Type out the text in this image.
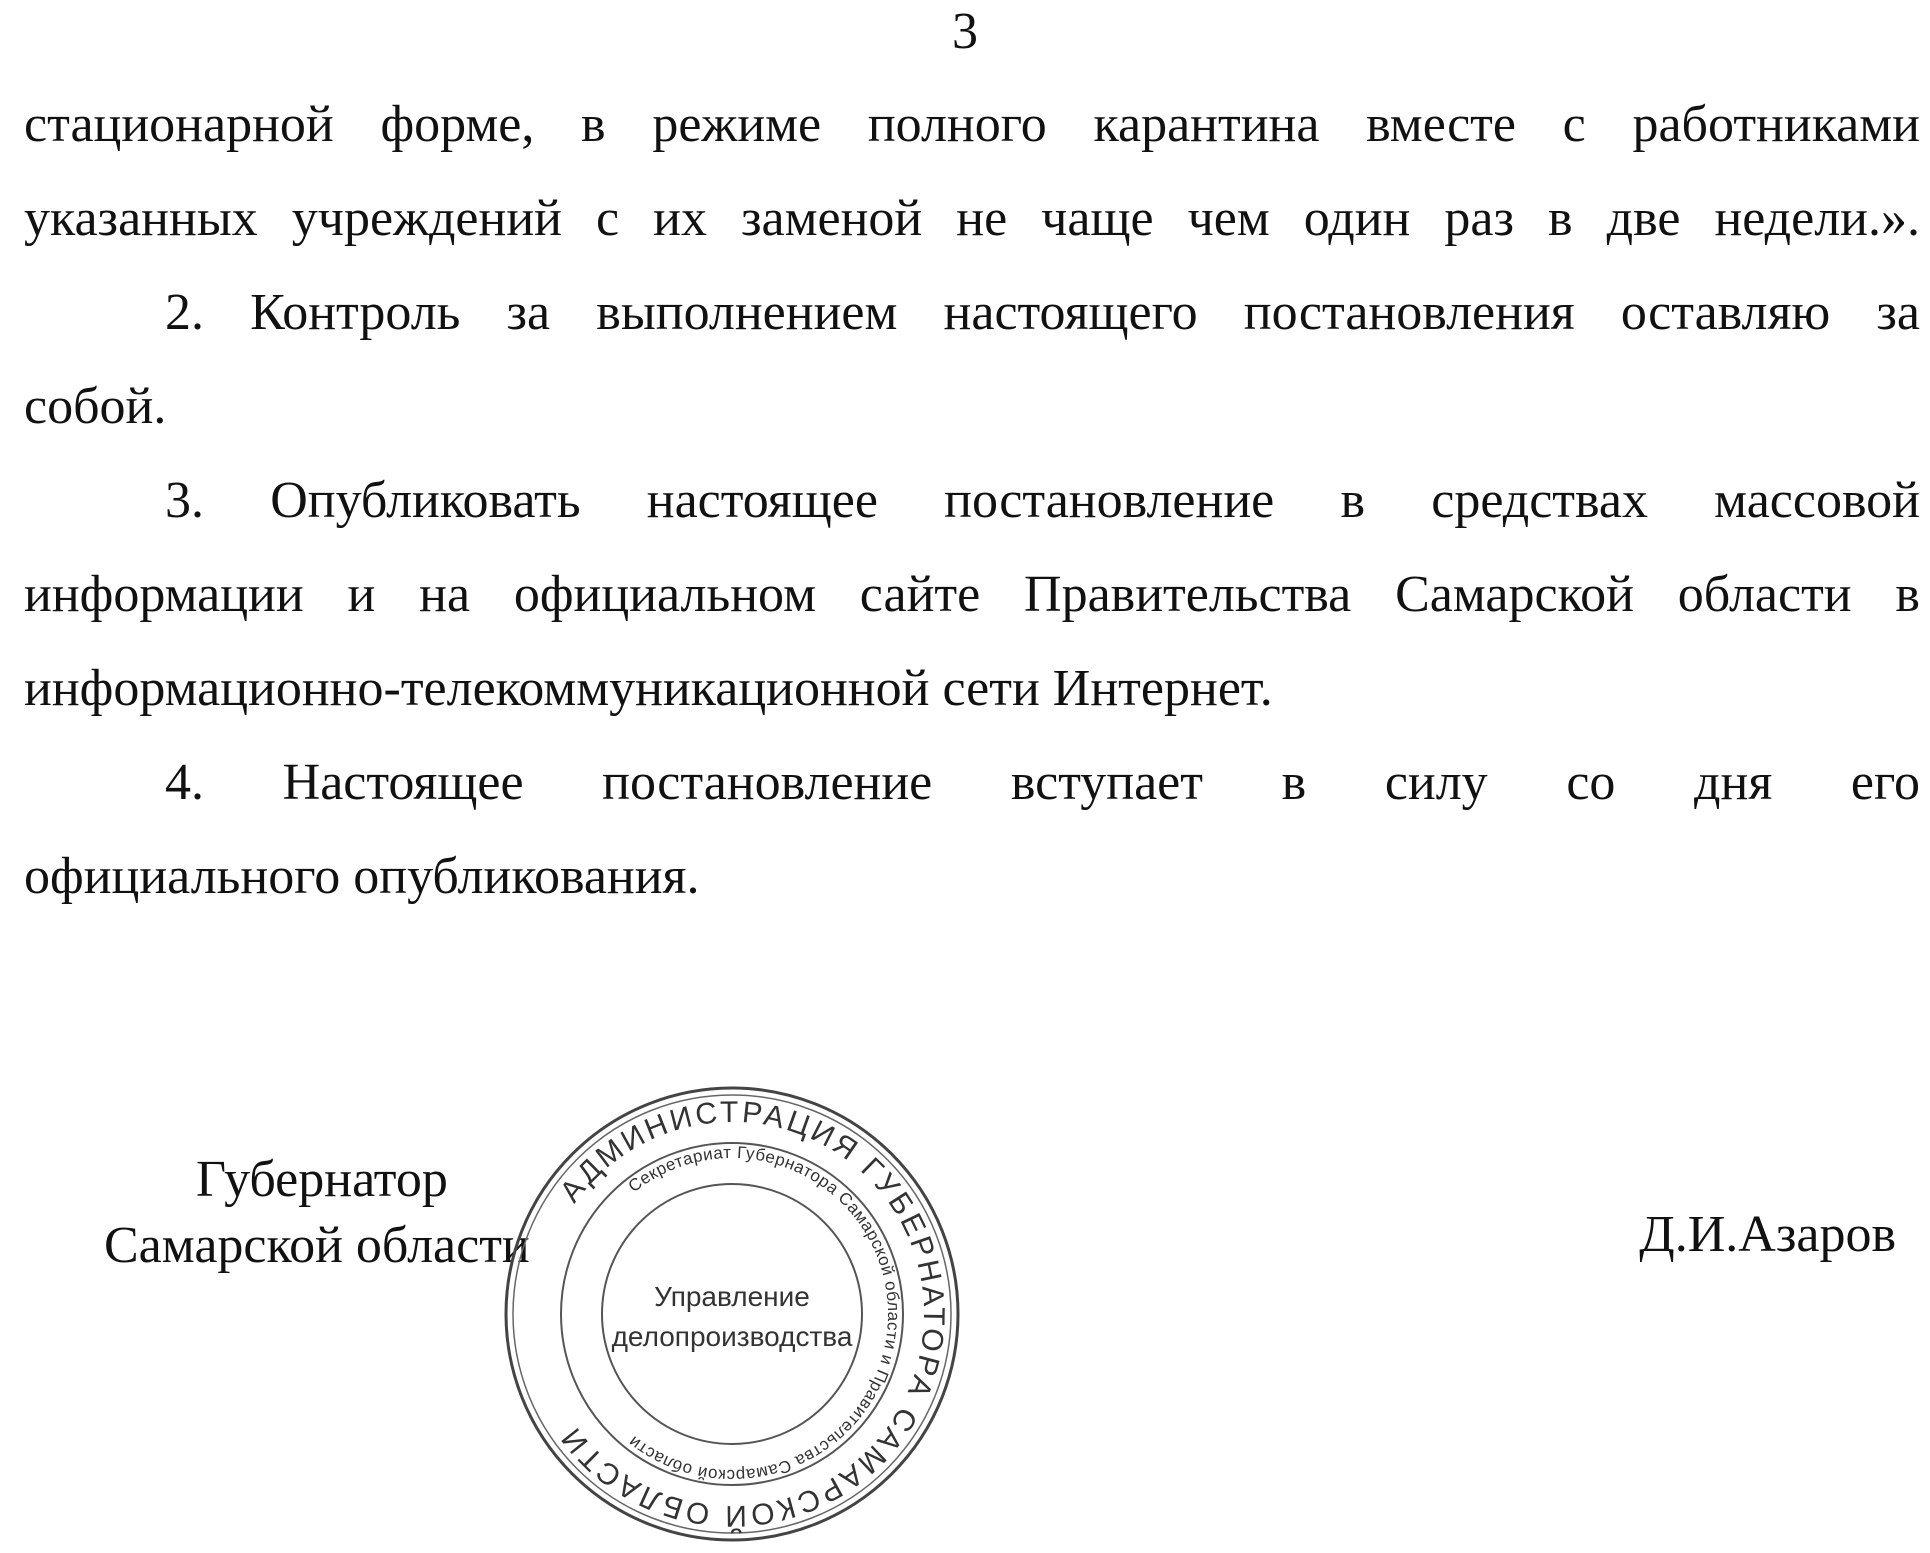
3
стационарной форме, в режиме полного карантина вместе с работниками
указанных учреждений с их заменой не чаще чем один раз в две недели.».
2. Контроль за выполнением настоящего постановления оставляю за
собой.
3. Опубликовать настоящее постановление в средствах массовой
информации и на официальном сайте Правительства Самарской области в
информационно-телекоммуникационной сети Интернет.
4. Настоящее постановление вступает в силу со дня его
официального опубликования.
Губернатор
Самарской области	Д.И.Азаров
АДМИНИСТРАЦИЯ ГУБЕРНАТОРА САМАРСКОЙ ОБЛАСТИ
Секретариат Губернатора Самарской области и Правительства Самарской области
Управление
делопроизводства
